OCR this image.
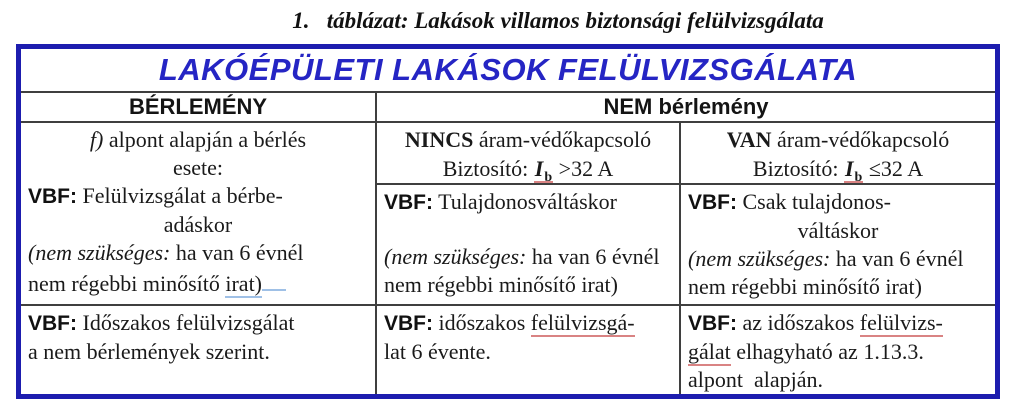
1.   táblázat: Lakások villamos biztonsági felülvizsgálata
LAKÓÉPÜLETI LAKÁSOK FELÜLVIZSGÁLATA
BÉRLEMÉNY	NEM bérlemény
f) alpont alapján a bérlés
esete:
VBF: Felülvizsgálat a bérbe-
adáskor
(nem szükséges: ha van 6 évnél
nem régebbi minősítő irat)
NINCS áram-védőkapcsoló
Biztosító: $I_b >32$ A
VBF: Tulajdonosváltáskor
(nem szükséges: ha van 6 évnél
nem régebbi minősítő irat)
VAN áram-védőkapcsoló
Biztosító: $I_b \le 32$ A
VBF: Csak tulajdonos-
váltáskor
(nem szükséges: ha van 6 évnél
nem régebbi minősítő irat)
VBF: Időszakos felülvizsgálat
a nem bérlemények szerint.
VBF: időszakos felülvizsgá-
lat 6 évente.
VBF: az időszakos felülvizs-
gálat elhagyható az 1.13.3.
alpont  alapján.
